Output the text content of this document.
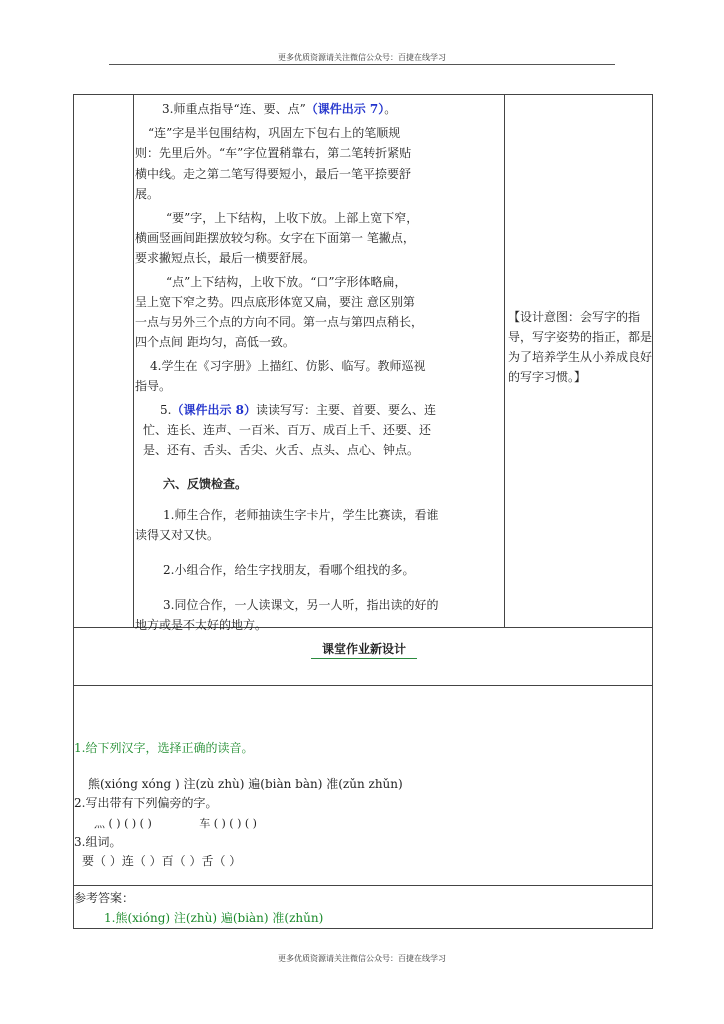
更多优质资源请关注微信公众号：百捷在线学习
3.师重点指导“连、要、点”（课件出示 7）。
“连”字是半包围结构，巩固左下包右上的笔顺规
则：先里后外。“车”字位置稍靠右，第二笔转折紧贴
横中线。走之第二笔写得要短小，最后一笔平捺要舒
展。
“要”字，上下结构，上收下放。上部上宽下窄，
横画竖画间距摆放较匀称。女字在下面第一 笔撇点，
要求撇短点长，最后一横要舒展。
“点”上下结构，上收下放。“口”字形体略扁，
呈上宽下窄之势。四点底形体宽又扁，要注 意区别第
一点与另外三个点的方向不同。第一点与第四点稍长，
四个点间 距均匀，高低一致。
4.学生在《习字册》上描红、仿影、临写。教师巡视
指导。
5.（课件出示 8）读读写写：主要、首要、要么、连
忙、连长、连声、一百米、百万、成百上千、还要、还
是、还有、舌头、舌尖、火舌、点头、点心、钟点。
六、反馈检查。
1.师生合作，老师抽读生字卡片，学生比赛读，看谁
读得又对又快。
2.小组合作，给生字找朋友，看哪个组找的多。
3.同位合作，一人读课文，另一人听，指出读的好的
地方或是不太好的地方。
【设计意图：会写字的指导，写字姿势的指正，都是为了培养学生从小养成良好的写字习惯。】
课堂作业新设计
1.给下列汉字，选择正确的读音。
熊(xióng xóng ) 注(zù zhù) 遍(biàn bàn) 准(zǔn zhǔn)
2.写出带有下列偏旁的字。
灬 ( ) ( ) ( )	车 ( ) ( ) ( )
3.组词。
要（ ）连（ ）百（ ）舌（ ）
参考答案：
1.熊(xióng) 注(zhù) 遍(biàn) 准(zhǔn)
更多优质资源请关注微信公众号：百捷在线学习
